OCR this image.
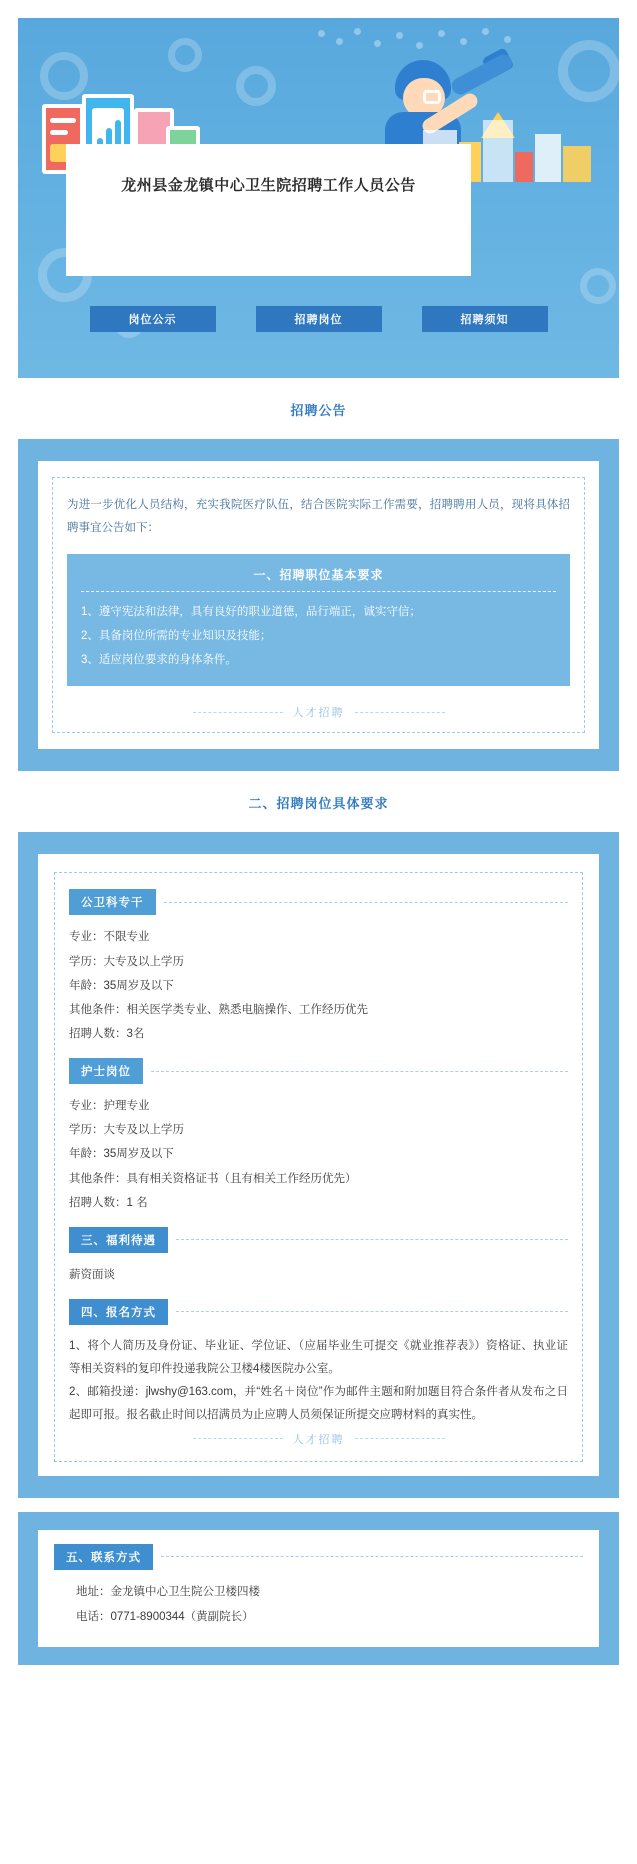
龙州县金龙镇中心卫生院招聘工作人员公告
岗位公示	招聘岗位	招聘须知
招聘公告

为进一步优化人员结构，充实我院医疗队伍，结合医院实际工作需要，招聘聘用人员，现将具体招聘事宜公告如下：

一、招聘职位基本要求
1、遵守宪法和法律，具有良好的职业道德，品行端正，诚实守信；
2、具备岗位所需的专业知识及技能；
3、适应岗位要求的身体条件。
人才招聘
二、招聘岗位具体要求
公卫科专干

专业：不限专业

学历：大专及以上学历

年龄：35周岁及以下

其他条件：相关医学类专业、熟悉电脑操作、工作经历优先

招聘人数：3名

护士岗位

专业：护理专业

学历：大专及以上学历

年龄：35周岁及以下

其他条件：具有相关资格证书（且有相关工作经历优先）

招聘人数：1 名

三、福利待遇

薪资面谈

四、报名方式

1、将个人简历及身份证、毕业证、学位证、（应届毕业生可提交《就业推荐表》）资格证、执业证等相关资料的复印件投递我院公卫楼4楼医院办公室。

2、邮箱投递：jlwshy@163.com，并“姓名＋岗位”作为邮件主题和附加题目符合条件者从发布之日起即可报。报名截止时间以招满员为止应聘人员须保证所提交应聘材料的真实性。

人才招聘
五、联系方式

地址：金龙镇中心卫生院公卫楼四楼

电话：0771-8900344（黄副院长）
